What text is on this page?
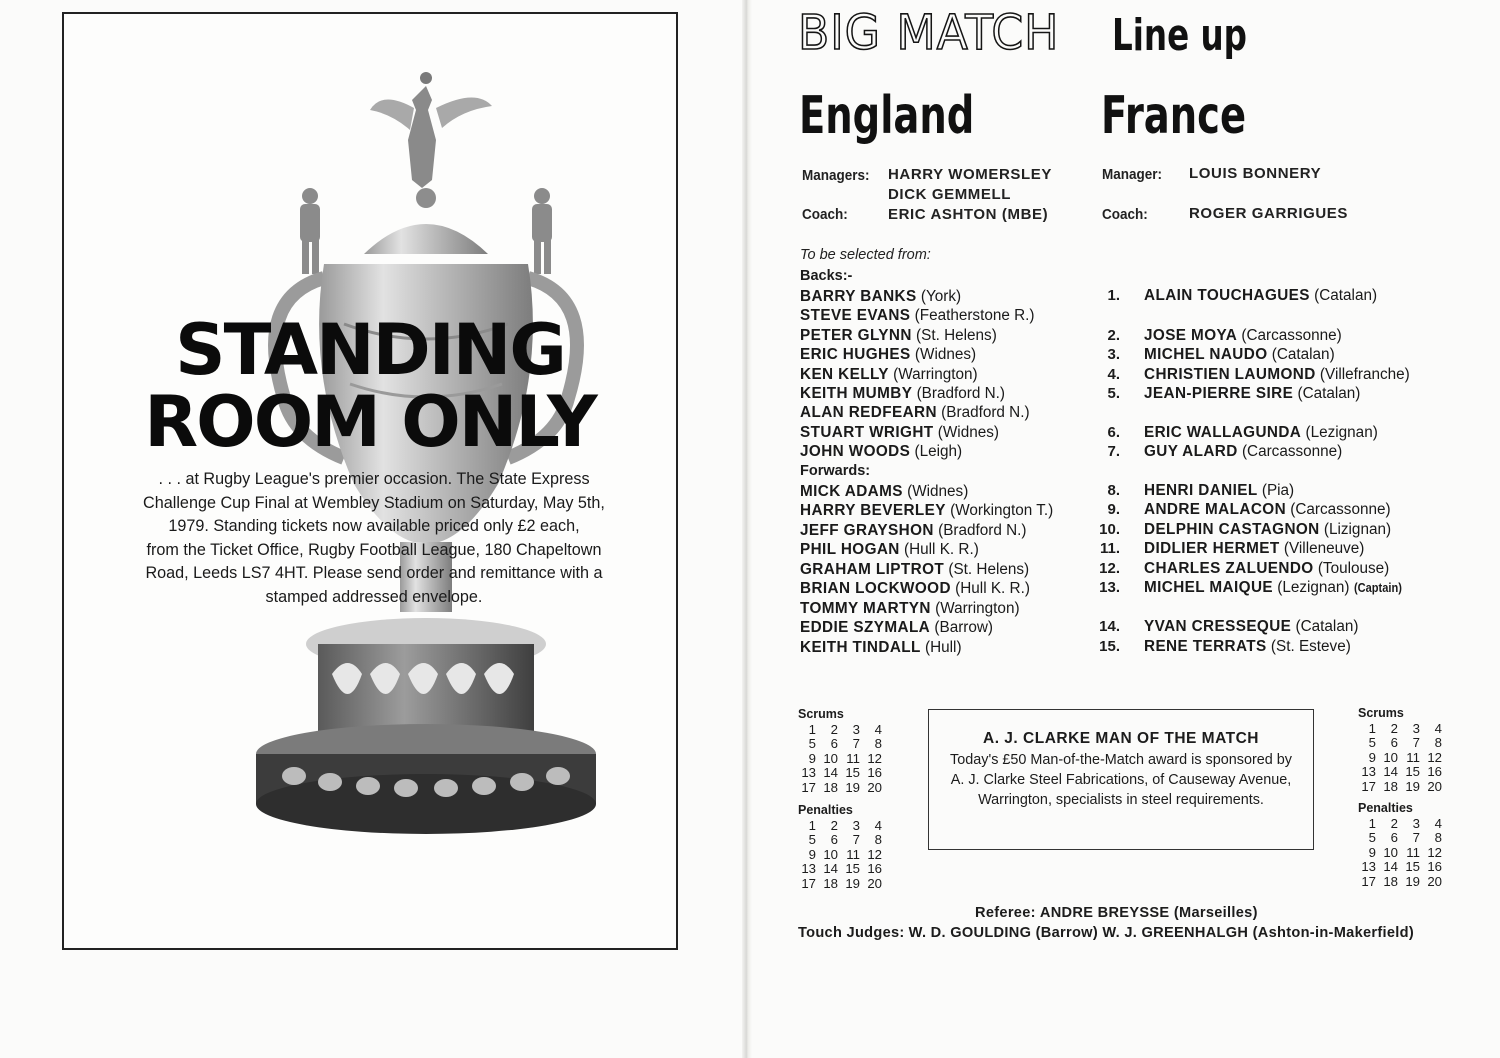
STANDING
ROOM ONLY

. . . at Rugby League's premier occasion. The State Express

Challenge Cup Final at Wembley Stadium on Saturday, May 5th,

1979. Standing tickets now available priced only £2 each,

from the Ticket Office, Rugby Football League, 180 Chapeltown

Road, Leeds LS7 4HT. Please send order and remittance with a

stamped addressed envelope.

BIG MATCH Line up
England France
Managers: HARRY WOMERSLEY
DICK GEMMELL
Coach:	ERIC ASHTON (MBE)
Manager: LOUIS BONNERY
Coach:	ROGER GARRIGUES
To be selected from:
Backs:-
Forwards:
BARRY BANKS (York)
STEVE EVANS (Featherstone R.)
PETER GLYNN (St. Helens)
ERIC HUGHES (Widnes)
KEN KELLY (Warrington)
KEITH MUMBY (Bradford N.)
ALAN REDFEARN (Bradford N.)
STUART WRIGHT (Widnes)
JOHN WOODS (Leigh)
MICK ADAMS (Widnes)
HARRY BEVERLEY (Workington T.)
JEFF GRAYSHON (Bradford N.)
PHIL HOGAN (Hull K. R.)
GRAHAM LIPTROT (St. Helens)
BRIAN LOCKWOOD (Hull K. R.)
TOMMY MARTYN (Warrington)
EDDIE SZYMALA (Barrow)
KEITH TINDALL (Hull)
1. ALAIN TOUCHAGUES (Catalan)
2. JOSE MOYA (Carcassonne)
3. MICHEL NAUDO (Catalan)
4. CHRISTIEN LAUMOND (Villefranche)
5. JEAN-PIERRE SIRE (Catalan)
6. ERIC WALLAGUNDA (Lezignan)
7. GUY ALARD (Carcassonne)
8. HENRI DANIEL (Pia)
9. ANDRE MALACON (Carcassonne)
10. DELPHIN CASTAGNON (Lizignan)
11. DIDLIER HERMET (Villeneuve)
12. CHARLES ZALUENDO (Toulouse)
13. MICHEL MAIQUE (Lezignan) (Captain)
14. YVAN CRESSEQUE (Catalan)
15. RENE TERRATS (St. Esteve)
Scrums
1	2	3	4
5	6	7	8
9 10 11 12
13 14 15 16
17 18 19 20
Penalties
1	2	3	4
5	6	7	8
9 10 11 12
13 14 15 16
17 18 19 20
Scrums
1	2	3	4
5	6	7	8
9 10 11 12
13 14 15 16
17 18 19 20
Penalties
1	2	3	4
5	6	7	8
9 10 11 12
13 14 15 16
17 18 19 20
A. J. CLARKE MAN OF THE MATCH
Today's £50 Man-of-the-Match award is sponsored by A. J. Clarke Steel Fabrications, of Causeway Avenue, Warrington, specialists in steel requirements.
Referee: ANDRE BREYSSE (Marseilles)
Touch Judges: W. D. GOULDING (Barrow) W. J. GREENHALGH (Ashton-in-Makerfield)
